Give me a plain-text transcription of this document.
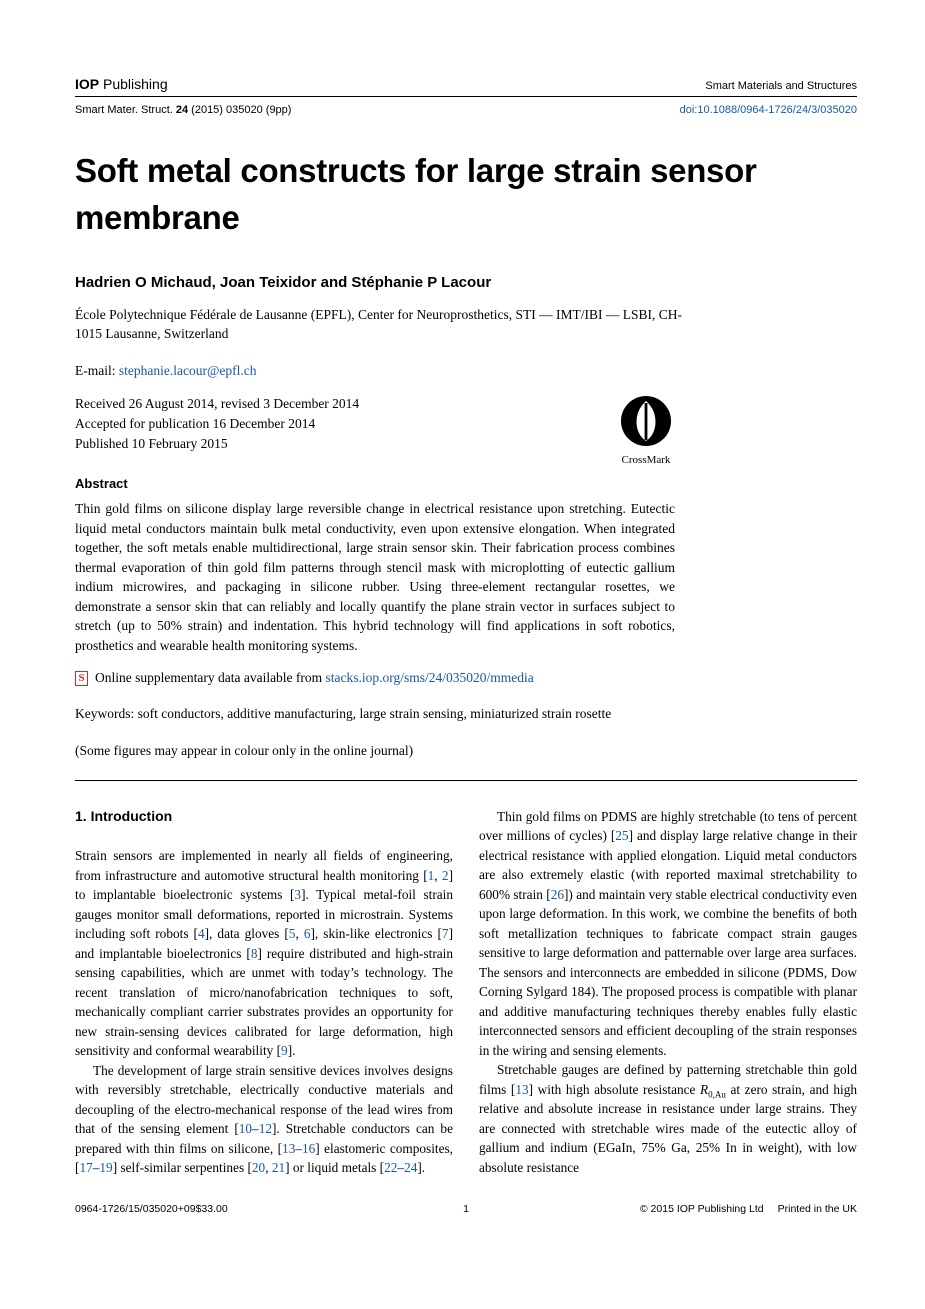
IOP Publishing	Smart Materials and Structures
Smart Mater. Struct. 24 (2015) 035020 (9pp)	doi:10.1088/0964-1726/24/3/035020
Soft metal constructs for large strain sensor membrane
Hadrien O Michaud, Joan Teixidor and Stéphanie P Lacour
École Polytechnique Fédérale de Lausanne (EPFL), Center for Neuroprosthetics, STI — IMT/IBI — LSBI, CH-1015 Lausanne, Switzerland
E-mail: stephanie.lacour@epfl.ch
Received 26 August 2014, revised 3 December 2014
Accepted for publication 16 December 2014
Published 10 February 2015
CrossMark
Abstract
Thin gold films on silicone display large reversible change in electrical resistance upon stretching. Eutectic liquid metal conductors maintain bulk metal conductivity, even upon extensive elongation. When integrated together, the soft metals enable multidirectional, large strain sensor skin. Their fabrication process combines thermal evaporation of thin gold film patterns through stencil mask with microplotting of eutectic gallium indium microwires, and packaging in silicone rubber. Using three-element rectangular rosettes, we demonstrate a sensor skin that can reliably and locally quantify the plane strain vector in surfaces subject to stretch (up to 50% strain) and indentation. This hybrid technology will find applications in soft robotics, prosthetics and wearable health monitoring systems.
S Online supplementary data available from stacks.iop.org/sms/24/035020/mmedia
Keywords: soft conductors, additive manufacturing, large strain sensing, miniaturized strain rosette
(Some figures may appear in colour only in the online journal)
1. Introduction

Strain sensors are implemented in nearly all fields of engineering, from infrastructure and automotive structural health monitoring [1, 2] to implantable bioelectronic systems [3]. Typical metal-foil strain gauges monitor small deformations, reported in microstrain. Systems including soft robots [4], data gloves [5, 6], skin-like electronics [7] and implantable bioelectronics [8] require distributed and high-strain sensing capabilities, which are unmet with today’s technology. The recent translation of micro/nanofabrication techniques to soft, mechanically compliant carrier substrates provides an opportunity for new strain-sensing devices calibrated for large deformation, high sensitivity and conformal wearability [9].

The development of large strain sensitive devices involves designs with reversibly stretchable, electrically conductive materials and decoupling of the electro-mechanical response of the lead wires from that of the sensing element [10–12]. Stretchable conductors can be prepared with thin films on silicone, [13–16] elastomeric composites, [17–19] self-similar serpentines [20, 21] or liquid metals [22–24].

Thin gold films on PDMS are highly stretchable (to tens of percent over millions of cycles) [25] and display large relative change in their electrical resistance with applied elongation. Liquid metal conductors are also extremely elastic (with reported maximal stretchability to 600% strain [26]) and maintain very stable electrical conductivity even upon large deformation. In this work, we combine the benefits of both soft metallization techniques to fabricate compact strain gauges sensitive to large deformation and patternable over large area surfaces. The sensors and interconnects are embedded in silicone (PDMS, Dow Corning Sylgard 184). The proposed process is compatible with planar and additive manufacturing techniques thereby enables fully elastic interconnected sensors and efficient decoupling of the strain responses in the wiring and sensing elements.

Stretchable gauges are defined by patterning stretchable thin gold films [13] with high absolute resistance $R_{0,Au}$ at zero strain, and high relative and absolute increase in resistance under large strains. They are connected with stretchable wires made of the eutectic alloy of gallium and indium (EGaIn, 75% Ga, 25% In in weight), with low absolute resistance

0964-1726/15/035020+09$33.00	1	© 2015 IOP Publishing Ltd Printed in the UK
